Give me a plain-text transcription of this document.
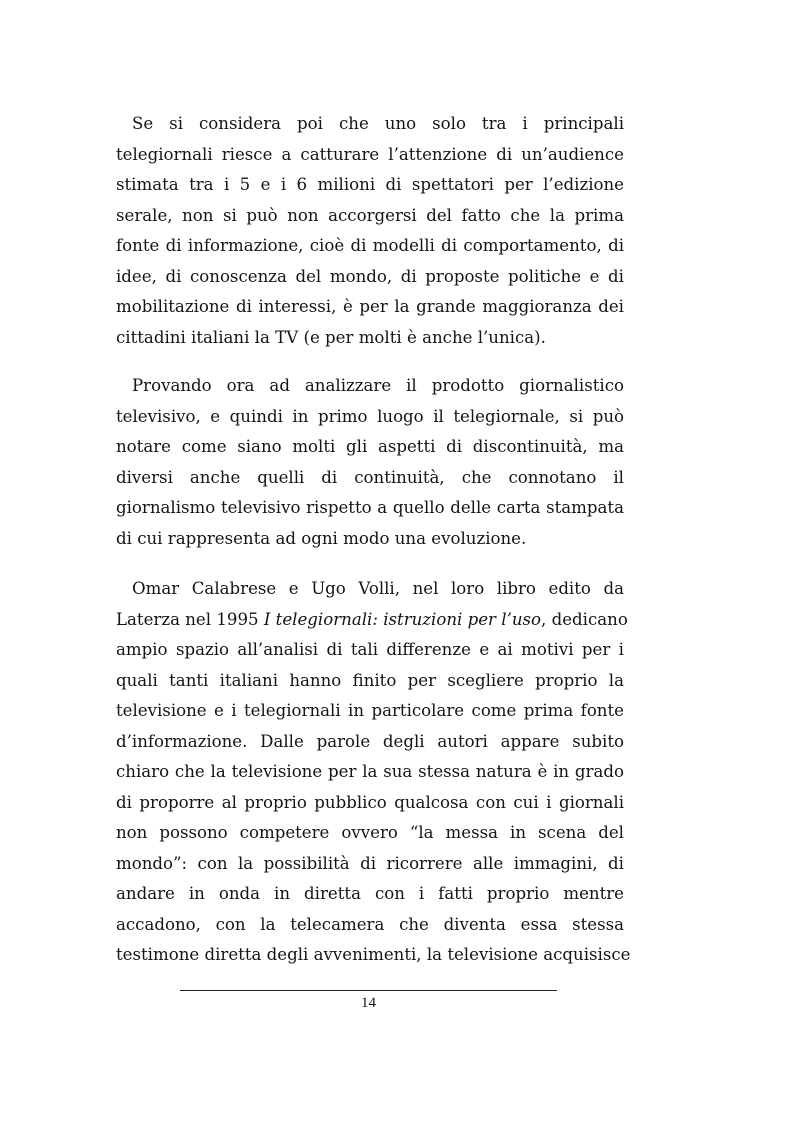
Se si considera poi che uno solo tra i principali
telegiornali riesce a catturare l’attenzione di un’audience
stimata tra i 5 e i 6 milioni di spettatori per l’edizione
serale, non si può non accorgersi del fatto che la prima
fonte di informazione, cioè di modelli di comportamento, di
idee, di conoscenza del mondo, di proposte politiche e di
mobilitazione di interessi, è per la grande maggioranza dei
cittadini italiani la TV (e per molti è anche l’unica).
Provando ora ad analizzare il prodotto giornalistico
televisivo, e quindi in primo luogo il telegiornale, si può
notare come siano molti gli aspetti di discontinuità, ma
diversi anche quelli di continuità, che connotano il
giornalismo televisivo rispetto a quello delle carta stampata
di cui rappresenta ad ogni modo una evoluzione.
Omar Calabrese e Ugo Volli, nel loro libro edito da
Laterza nel 1995 I telegiornali: istruzioni per l’uso, dedicano
ampio spazio all’analisi di tali differenze e ai motivi per i
quali tanti italiani hanno finito per scegliere proprio la
televisione e i telegiornali in particolare come prima fonte
d’informazione. Dalle parole degli autori appare subito
chiaro che la televisione per la sua stessa natura è in grado
di proporre al proprio pubblico qualcosa con cui i giornali
non possono competere ovvero “la messa in scena del
mondo”: con la possibilità di ricorrere alle immagini, di
andare in onda in diretta con i fatti proprio mentre
accadono, con la telecamera che diventa essa stessa
testimone diretta degli avvenimenti, la televisione acquisisce
14
